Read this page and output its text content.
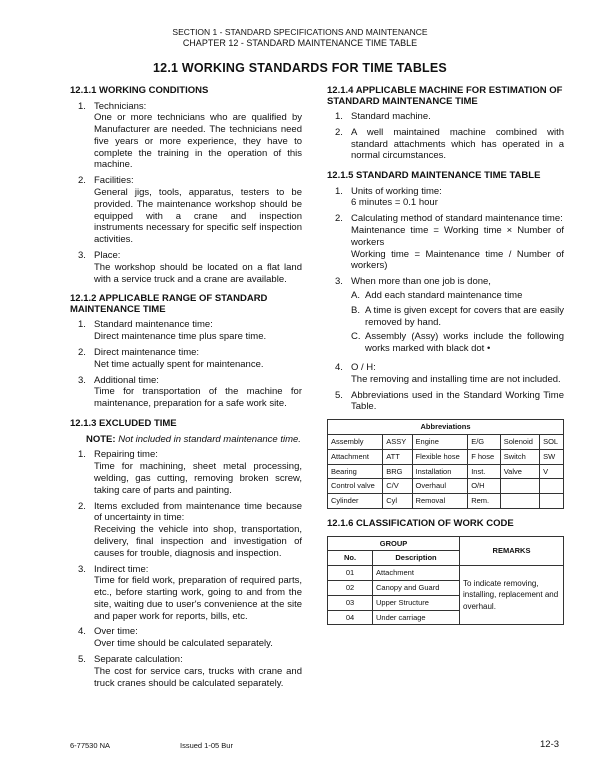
SECTION 1 - STANDARD SPECIFICATIONS AND MAINTENANCE
CHAPTER 12 - STANDARD MAINTENANCE TIME TABLE
12.1 WORKING STANDARDS FOR TIME TABLES
12.1.1 WORKING CONDITIONS
1. Technicians:
One or more technicians who are qualified by Manufacturer are needed. The technicians need five years or more experience, they have to complete the training in the operation of this machine.
2. Facilities:
General jigs, tools, apparatus, testers to be provided. The maintenance workshop should be equipped with a crane and inspection instruments necessary for specific self inspection activities.
3. Place:
The workshop should be located on a flat land with a service truck and a crane are available.
12.1.2 APPLICABLE RANGE OF STANDARD MAINTENANCE TIME
1. Standard maintenance time:
Direct maintenance time plus spare time.
2. Direct maintenance time:
Net time actually spent for maintenance.
3. Additional time:
Time for transportation of the machine for maintenance, preparation for a safe work site.
12.1.3 EXCLUDED TIME
NOTE: Not included in standard maintenance time.
1. Repairing time:
Time for machining, sheet metal processing, welding, gas cutting, removing broken screw, taking care of parts and painting.
2. Items excluded from maintenance time because of uncertainty in time:
Receiving the vehicle into shop, transportation, delivery, final inspection and investigation of causes for trouble, diagnosis and inspection.
3. Indirect time:
Time for field work, preparation of required parts, etc., before starting work, going to and from the site, waiting due to user's convenience at the site and paper work for reports, bills, etc.
4. Over time:
Over time should be calculated separately.
5. Separate calculation:
The cost for service cars, trucks with crane and truck cranes should be calculated separately.
12.1.4 APPLICABLE MACHINE FOR ESTIMATION OF STANDARD MAINTENANCE TIME
1. Standard machine.
2. A well maintained machine combined with standard attachments which has operated in a normal circumstances.
12.1.5 STANDARD MAINTENANCE TIME TABLE
1. Units of working time:
6 minutes = 0.1 hour
2. Calculating method of standard maintenance time:
Maintenance time = Working time × Number of workers
Working time = Maintenance time / Number of workers)
3. When more than one job is done,
A. Add each standard maintenance time
B. A time is given except for covers that are easily removed by hand.
C. Assembly (Assy) works include the following works marked with black dot •
4. O / H:
The removing and installing time are not included.
5. Abbreviations used in the Standard Working Time Table.
Abbreviations					
Assembly	ASSY	Engine	E/G	Solenoid	SOL
Attachment	ATT	Flexible hose	F hose	Switch	SW
Bearing	BRG	Installation	Inst.	Valve	V
Control valve	C/V	Overhaul	O/H		
Cylinder	Cyl	Removal	Rem.		
12.1.6 CLASSIFICATION OF WORK CODE
GROUP		REMARKS
No.	Description	
01	Attachment	To indicate removing, installing, replacement and overhaul.
02	Canopy and Guard	
03	Upper Structure	
04	Under carriage	
6-77530 NA	Issued 1-05 Bur	12-3
